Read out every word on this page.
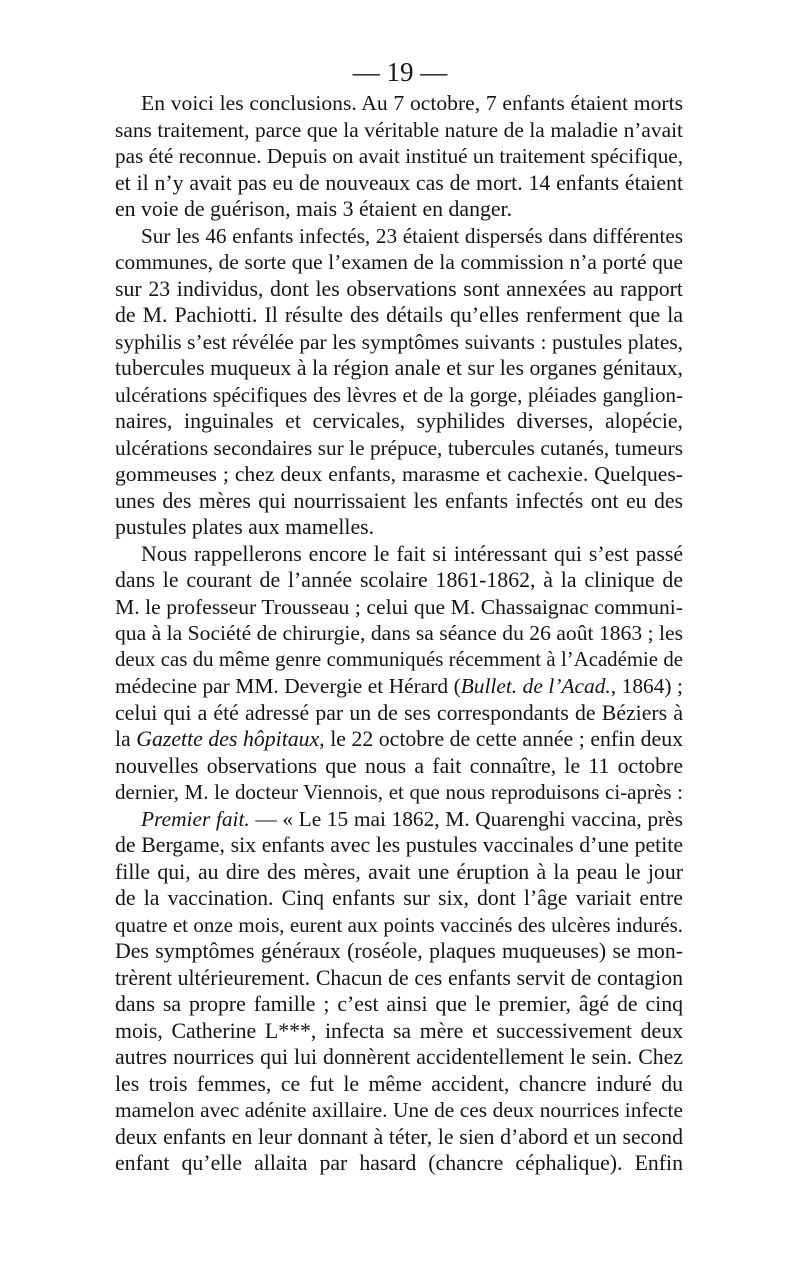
— 19 —
En voici les conclusions. Au 7 octobre, 7 enfants étaient morts
sans traitement, parce que la véritable nature de la maladie n’avait
pas été reconnue. Depuis on avait institué un traitement spécifique,
et il n’y avait pas eu de nouveaux cas de mort. 14 enfants étaient
en voie de guérison, mais 3 étaient en danger.
Sur les 46 enfants infectés, 23 étaient dispersés dans différentes
communes, de sorte que l’examen de la commission n’a porté que
sur 23 individus, dont les observations sont annexées au rapport
de M. Pachiotti. Il résulte des détails qu’elles renferment que la
syphilis s’est révélée par les symptômes suivants : pustules plates,
tubercules muqueux à la région anale et sur les organes génitaux,
ulcérations spécifiques des lèvres et de la gorge, pléiades ganglion-
naires, inguinales et cervicales, syphilides diverses, alopécie,
ulcérations secondaires sur le prépuce, tubercules cutanés, tumeurs
gommeuses ; chez deux enfants, marasme et cachexie. Quelques-
unes des mères qui nourrissaient les enfants infectés ont eu des
pustules plates aux mamelles.
Nous rappellerons encore le fait si intéressant qui s’est passé
dans le courant de l’année scolaire 1861-1862, à la clinique de
M. le professeur Trousseau ; celui que M. Chassaignac communi-
qua à la Société de chirurgie, dans sa séance du 26 août 1863 ; les
deux cas du même genre communiqués récemment à l’Académie de
médecine par MM. Devergie et Hérard (Bullet. de l’Acad., 1864) ;
celui qui a été adressé par un de ses correspondants de Béziers à
la Gazette des hôpitaux, le 22 octobre de cette année ; enfin deux
nouvelles observations que nous a fait connaître, le 11 octobre
dernier, M. le docteur Viennois, et que nous reproduisons ci-après :
Premier fait. — « Le 15 mai 1862, M. Quarenghi vaccina, près
de Bergame, six enfants avec les pustules vaccinales d’une petite
fille qui, au dire des mères, avait une éruption à la peau le jour
de la vaccination. Cinq enfants sur six, dont l’âge variait entre
quatre et onze mois, eurent aux points vaccinés des ulcères indurés.
Des symptômes généraux (roséole, plaques muqueuses) se mon-
trèrent ultérieurement. Chacun de ces enfants servit de contagion
dans sa propre famille ; c’est ainsi que le premier, âgé de cinq
mois, Catherine L***, infecta sa mère et successivement deux
autres nourrices qui lui donnèrent accidentellement le sein. Chez
les trois femmes, ce fut le même accident, chancre induré du
mamelon avec adénite axillaire. Une de ces deux nourrices infecte
deux enfants en leur donnant à téter, le sien d’abord et un second
enfant qu’elle allaita par hasard (chancre céphalique). Enfin
